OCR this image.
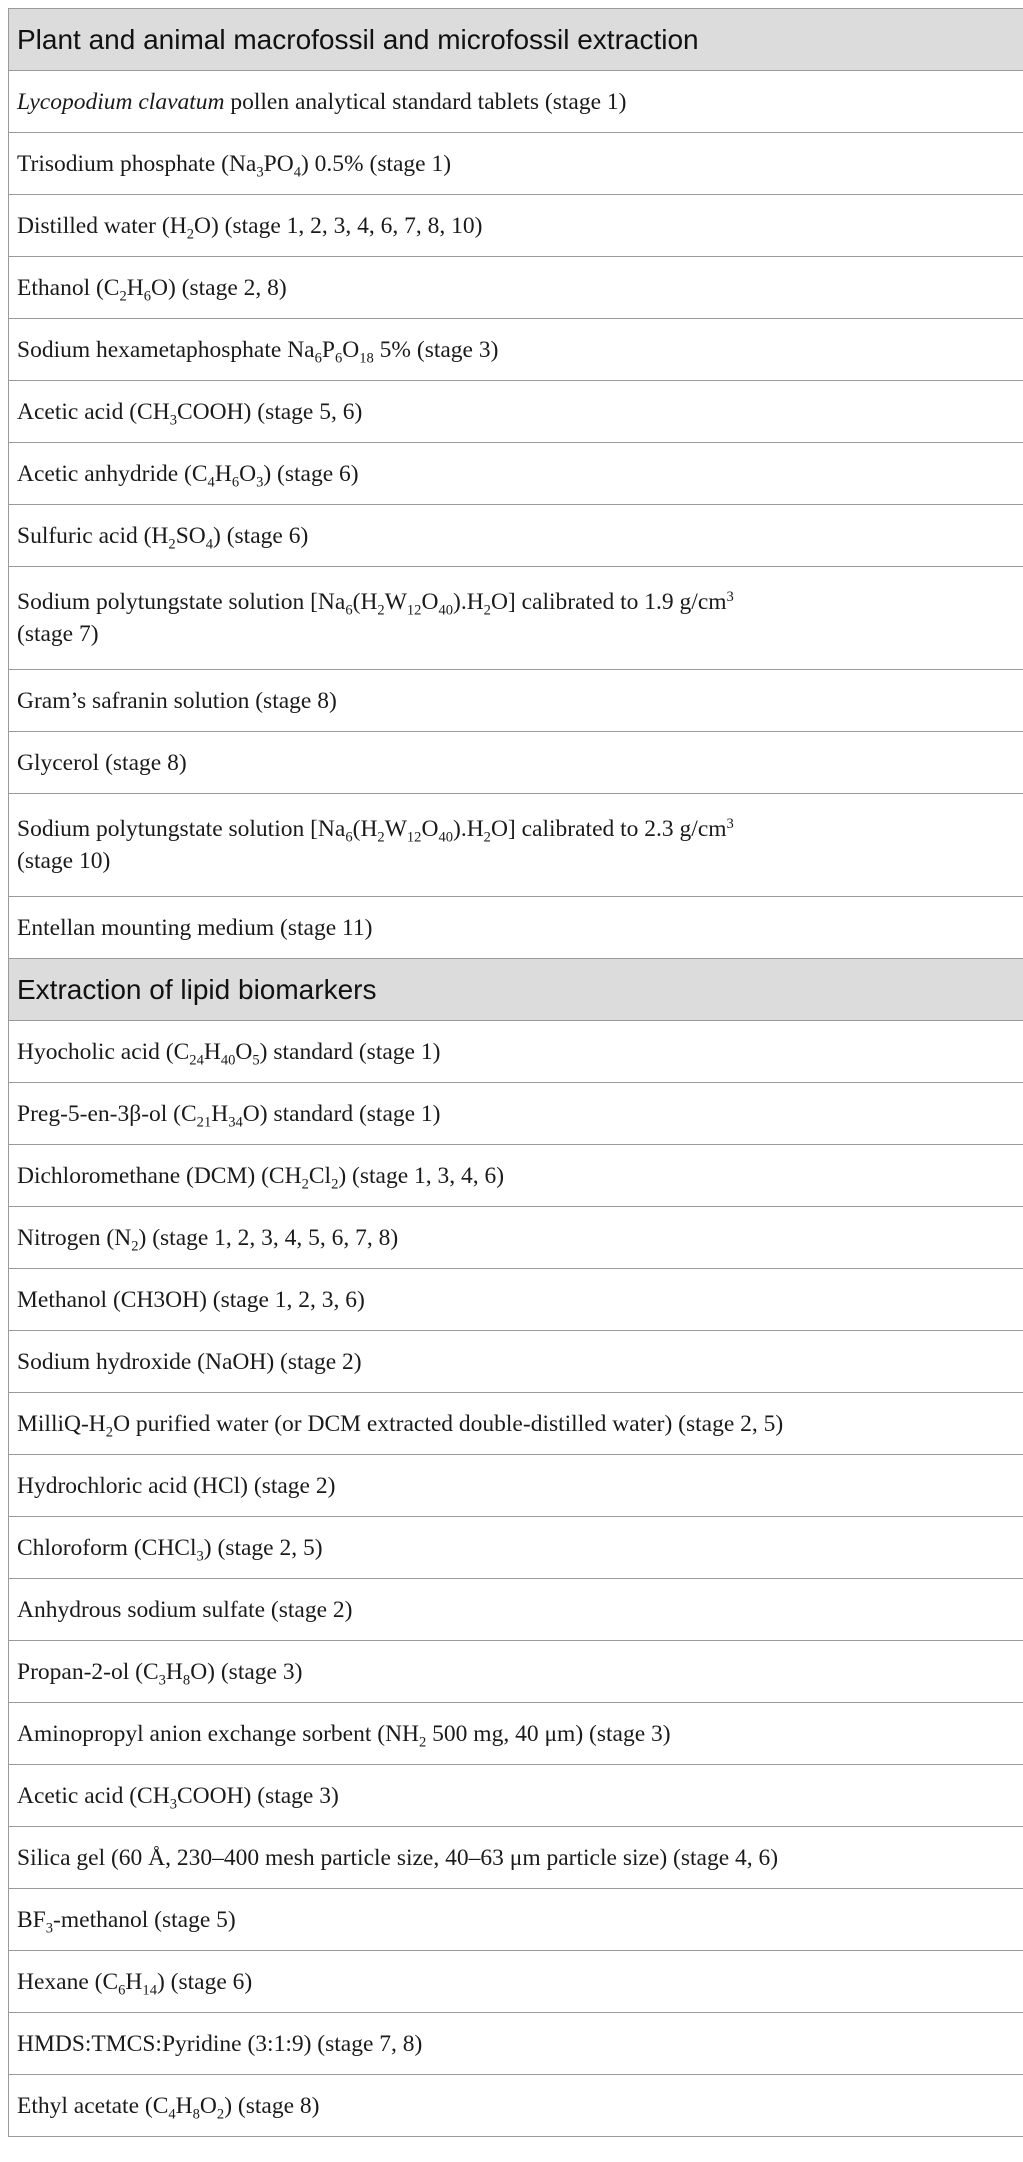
Plant and animal macrofossil and microfossil extraction
Lycopodium clavatum pollen analytical standard tablets (stage 1)
Trisodium phosphate $(Na_3PO_4)$ 0.5% (stage 1)
Distilled water $(H_2O)$ (stage 1, 2, 3, 4, 6, 7, 8, 10)
Ethanol $(C_2H_6O)$ (stage 2, 8)
Sodium hexametaphosphate $Na_6P_6O_{18}$ 5% (stage 3)
Acetic acid $(CH_3COOH)$ (stage 5, 6)
Acetic anhydride $(C_4H_6O_3)$ (stage 6)
Sulfuric acid $(H_2SO_4)$ (stage 6)
Sodium polytungstate solution $[Na_6(H_2W_{12}O_{40}).H_2O]$ calibrated to 1.9 $g/cm^3$
(stage 7)
Gram’s safranin solution (stage 8)
Glycerol (stage 8)
Sodium polytungstate solution $[Na_6(H_2W_{12}O_{40}).H_2O]$ calibrated to 2.3 $g/cm^3$
(stage 10)
Entellan mounting medium (stage 11)
Extraction of lipid biomarkers
Hyocholic acid $(C_{24}H_{40}O_5)$ standard (stage 1)
Preg-5-en-3β-ol $(C_{21}H_{34}O)$ standard (stage 1)
Dichloromethane (DCM) $(CH_2Cl_2)$ (stage 1, 3, 4, 6)
Nitrogen $(N_2)$ (stage 1, 2, 3, 4, 5, 6, 7, 8)
Methanol (CH3OH) (stage 1, 2, 3, 6)
Sodium hydroxide (NaOH) (stage 2)
MilliQ-$H_2O$ purified water (or DCM extracted double-distilled water) (stage 2, 5)
Hydrochloric acid (HCl) (stage 2)
Chloroform (CHCl$_3$) (stage 2, 5)
Anhydrous sodium sulfate (stage 2)
Propan-2-ol $(C_3H_8O)$ (stage 3)
Aminopropyl anion exchange sorbent ($NH_2$ 500 mg, 40 μm) (stage 3)
Acetic acid $(CH_3COOH)$ (stage 3)
Silica gel (60 Å, 230–400 mesh particle size, 40–63 μm particle size) (stage 4, 6)
$BF_3$-methanol (stage 5)
Hexane $(C_6H_{14})$ (stage 6)
HMDS:TMCS:Pyridine (3:1:9) (stage 7, 8)
Ethyl acetate $(C_4H_8O_2)$ (stage 8)
